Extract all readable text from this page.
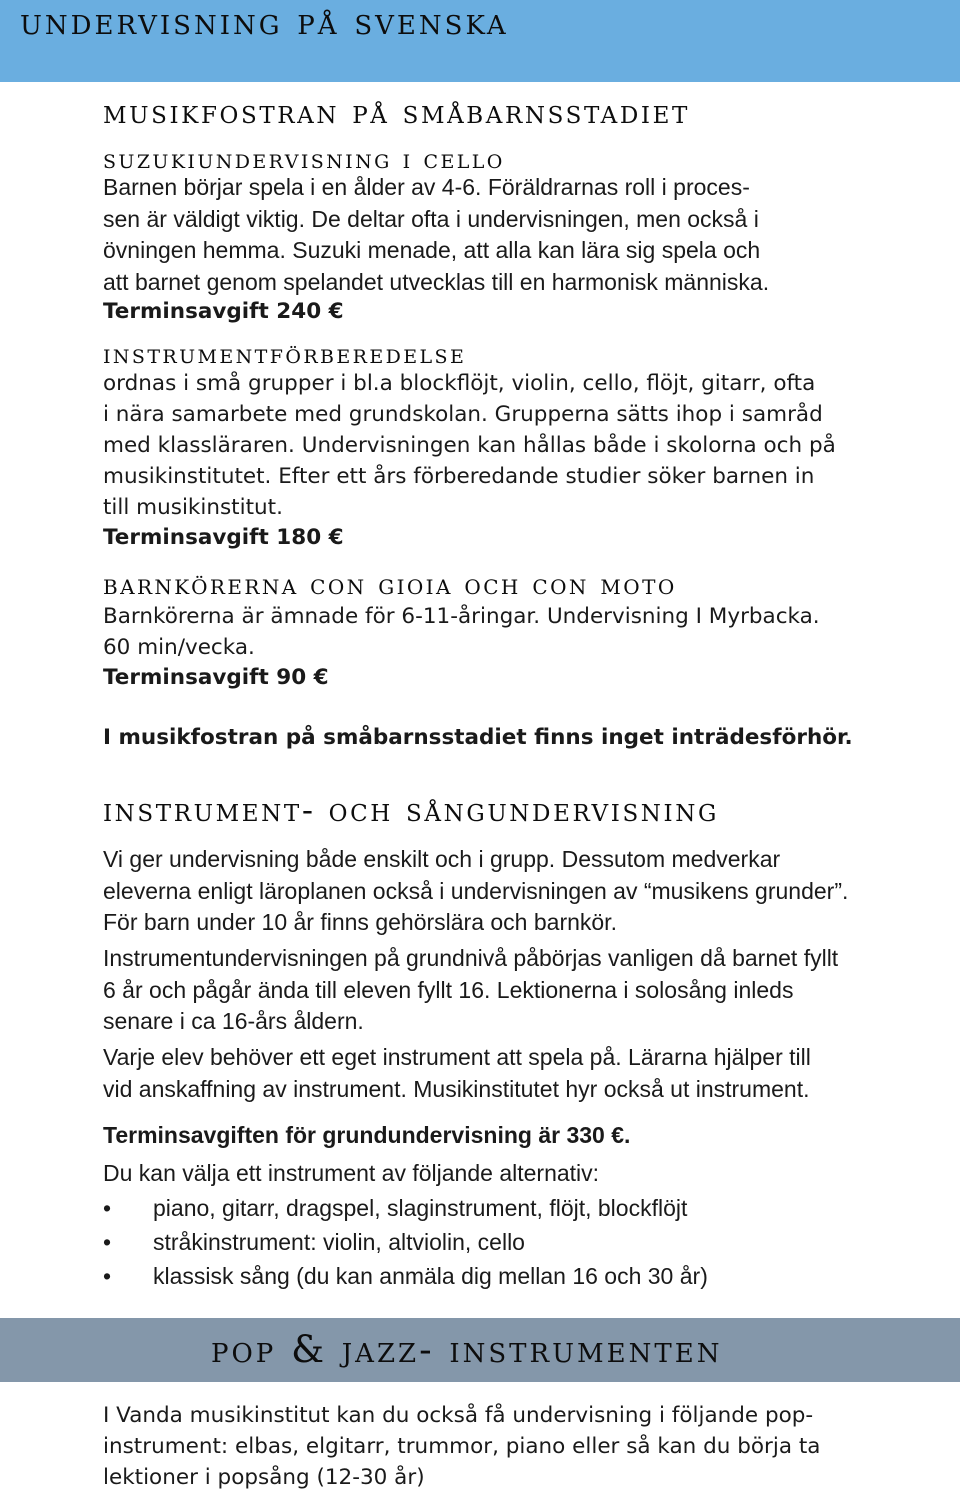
undervisning på svenska
musikfostran på småbarnsstadiet
suzukiundervisning i cello

Barnen börjar spela i en ålder av 4-6. Föräldrarnas roll i proces-

sen är väldigt viktig. De deltar ofta i undervisningen, men också i

övningen hemma. Suzuki menade, att alla kan lära sig spela och

att barnet genom spelandet utvecklas till en harmonisk människa.

Terminsavgift 240 €

instrumentförberedelse

ordnas i små grupper i bl.a blockflöjt, violin, cello, flöjt, gitarr, ofta

i nära samarbete med grundskolan. Grupperna sätts ihop i samråd

med klassläraren. Undervisningen kan hållas både i skolorna och på

musikinstitutet. Efter ett års förberedande studier söker barnen in

till musikinstitut.

Terminsavgift 180 €

barnkörerna con gioia och con moto

Barnkörerna är ämnade för 6-11-åringar. Undervisning I Myrbacka.

60 min/vecka.

Terminsavgift 90 €

I musikfostran på småbarnsstadiet finns inget inträdesförhör.

instrument- och sångundervisning

Vi ger undervisning både enskilt och i grupp. Dessutom medverkar

eleverna enligt läroplanen också i undervisningen av “musikens grunder”.

För barn under 10 år finns gehörslära och barnkör.

Instrumentundervisningen på grundnivå påbörjas vanligen då barnet fyllt

6 år och pågår ända till eleven fyllt 16. Lektionerna i solosång inleds

senare i ca 16-års åldern.

Varje elev behöver ett eget instrument att spela på. Lärarna hjälper till

vid anskaffning av instrument. Musikinstitutet hyr också ut instrument.

Terminsavgiften för grundundervisning är 330 €.

Du kan välja ett instrument av följande alternativ:

• piano, gitarr, dragspel, slaginstrument, flöjt, blockflöjt
• stråkinstrument: violin, altviolin, cello
• klassisk sång (du kan anmäla dig mellan 16 och 30 år)
pop & jazz- instrumenten

I Vanda musikinstitut kan du också få undervisning i följande pop-

instrument: elbas, elgitarr, trummor, piano eller så kan du börja ta

lektioner i popsång (12-30 år)
